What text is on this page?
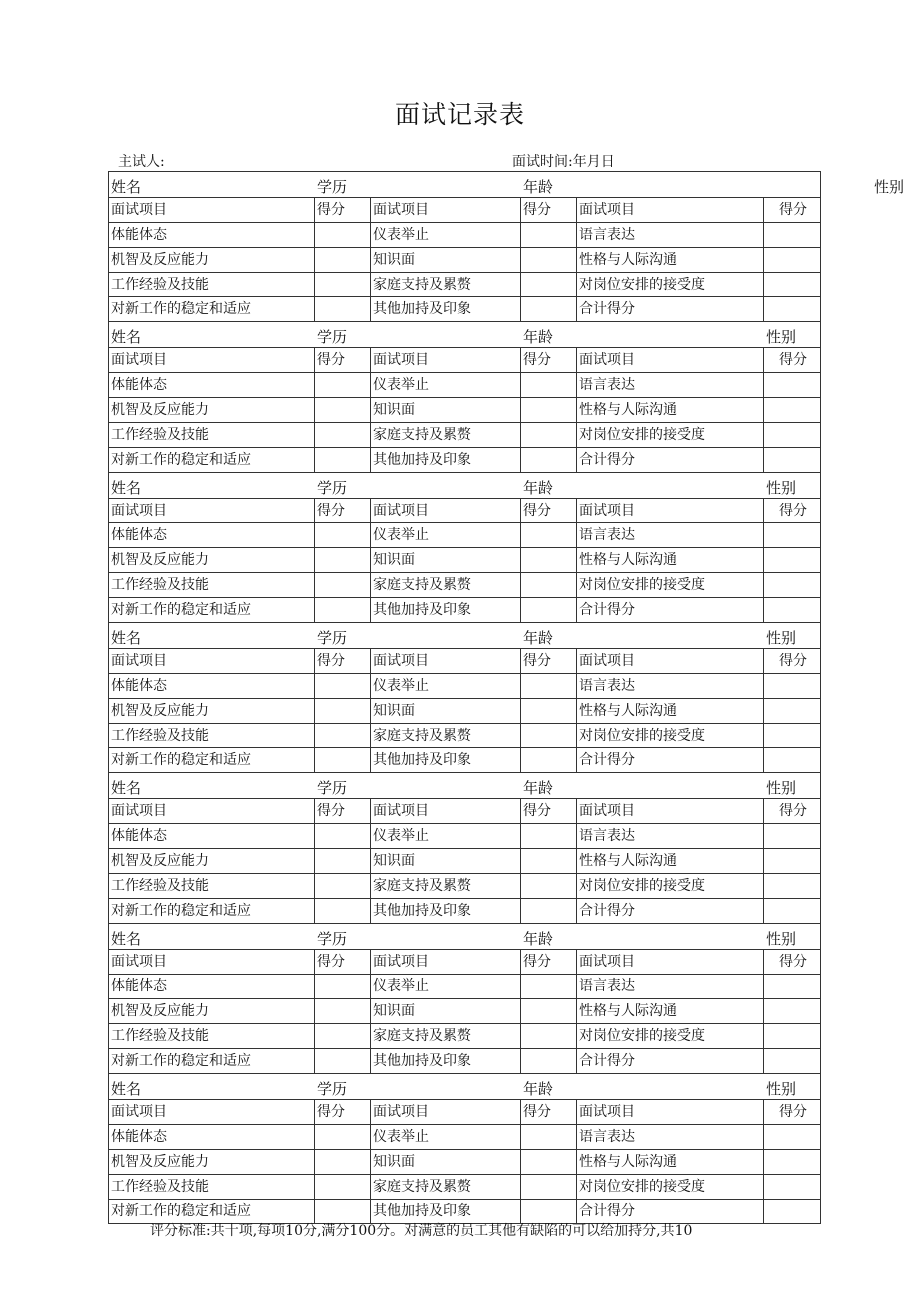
面试记录表
主试人:	面试时间:年月日
姓名	学历		年龄		性别
面试项目	得分	面试项目	得分	面试项目	得分
体能体态		仪表举止		语言表达	
机智及反应能力		知识面		性格与人际沟通	
工作经验及技能		家庭支持及累赘		对岗位安排的接受度	
对新工作的稳定和适应		其他加持及印象		合计得分	
姓名	学历		年龄		性别
面试项目	得分	面试项目	得分	面试项目	得分
体能体态		仪表举止		语言表达	
机智及反应能力		知识面		性格与人际沟通	
工作经验及技能		家庭支持及累赘		对岗位安排的接受度	
对新工作的稳定和适应		其他加持及印象		合计得分	
姓名	学历		年龄		性别
面试项目	得分	面试项目	得分	面试项目	得分
体能体态		仪表举止		语言表达	
机智及反应能力		知识面		性格与人际沟通	
工作经验及技能		家庭支持及累赘		对岗位安排的接受度	
对新工作的稳定和适应		其他加持及印象		合计得分	
姓名	学历		年龄		性别
面试项目	得分	面试项目	得分	面试项目	得分
体能体态		仪表举止		语言表达	
机智及反应能力		知识面		性格与人际沟通	
工作经验及技能		家庭支持及累赘		对岗位安排的接受度	
对新工作的稳定和适应		其他加持及印象		合计得分	
姓名	学历		年龄		性别
面试项目	得分	面试项目	得分	面试项目	得分
体能体态		仪表举止		语言表达	
机智及反应能力		知识面		性格与人际沟通	
工作经验及技能		家庭支持及累赘		对岗位安排的接受度	
对新工作的稳定和适应		其他加持及印象		合计得分	
姓名	学历		年龄		性别
面试项目	得分	面试项目	得分	面试项目	得分
体能体态		仪表举止		语言表达	
机智及反应能力		知识面		性格与人际沟通	
工作经验及技能		家庭支持及累赘		对岗位安排的接受度	
对新工作的稳定和适应		其他加持及印象		合计得分	
姓名	学历		年龄		性别
面试项目	得分	面试项目	得分	面试项目	得分
体能体态		仪表举止		语言表达	
机智及反应能力		知识面		性格与人际沟通	
工作经验及技能		家庭支持及累赘		对岗位安排的接受度	
对新工作的稳定和适应		其他加持及印象		合计得分	
评分标准:共十项,每项10分,满分100分。对满意的员工其他有缺陷的可以给加持分,共10
